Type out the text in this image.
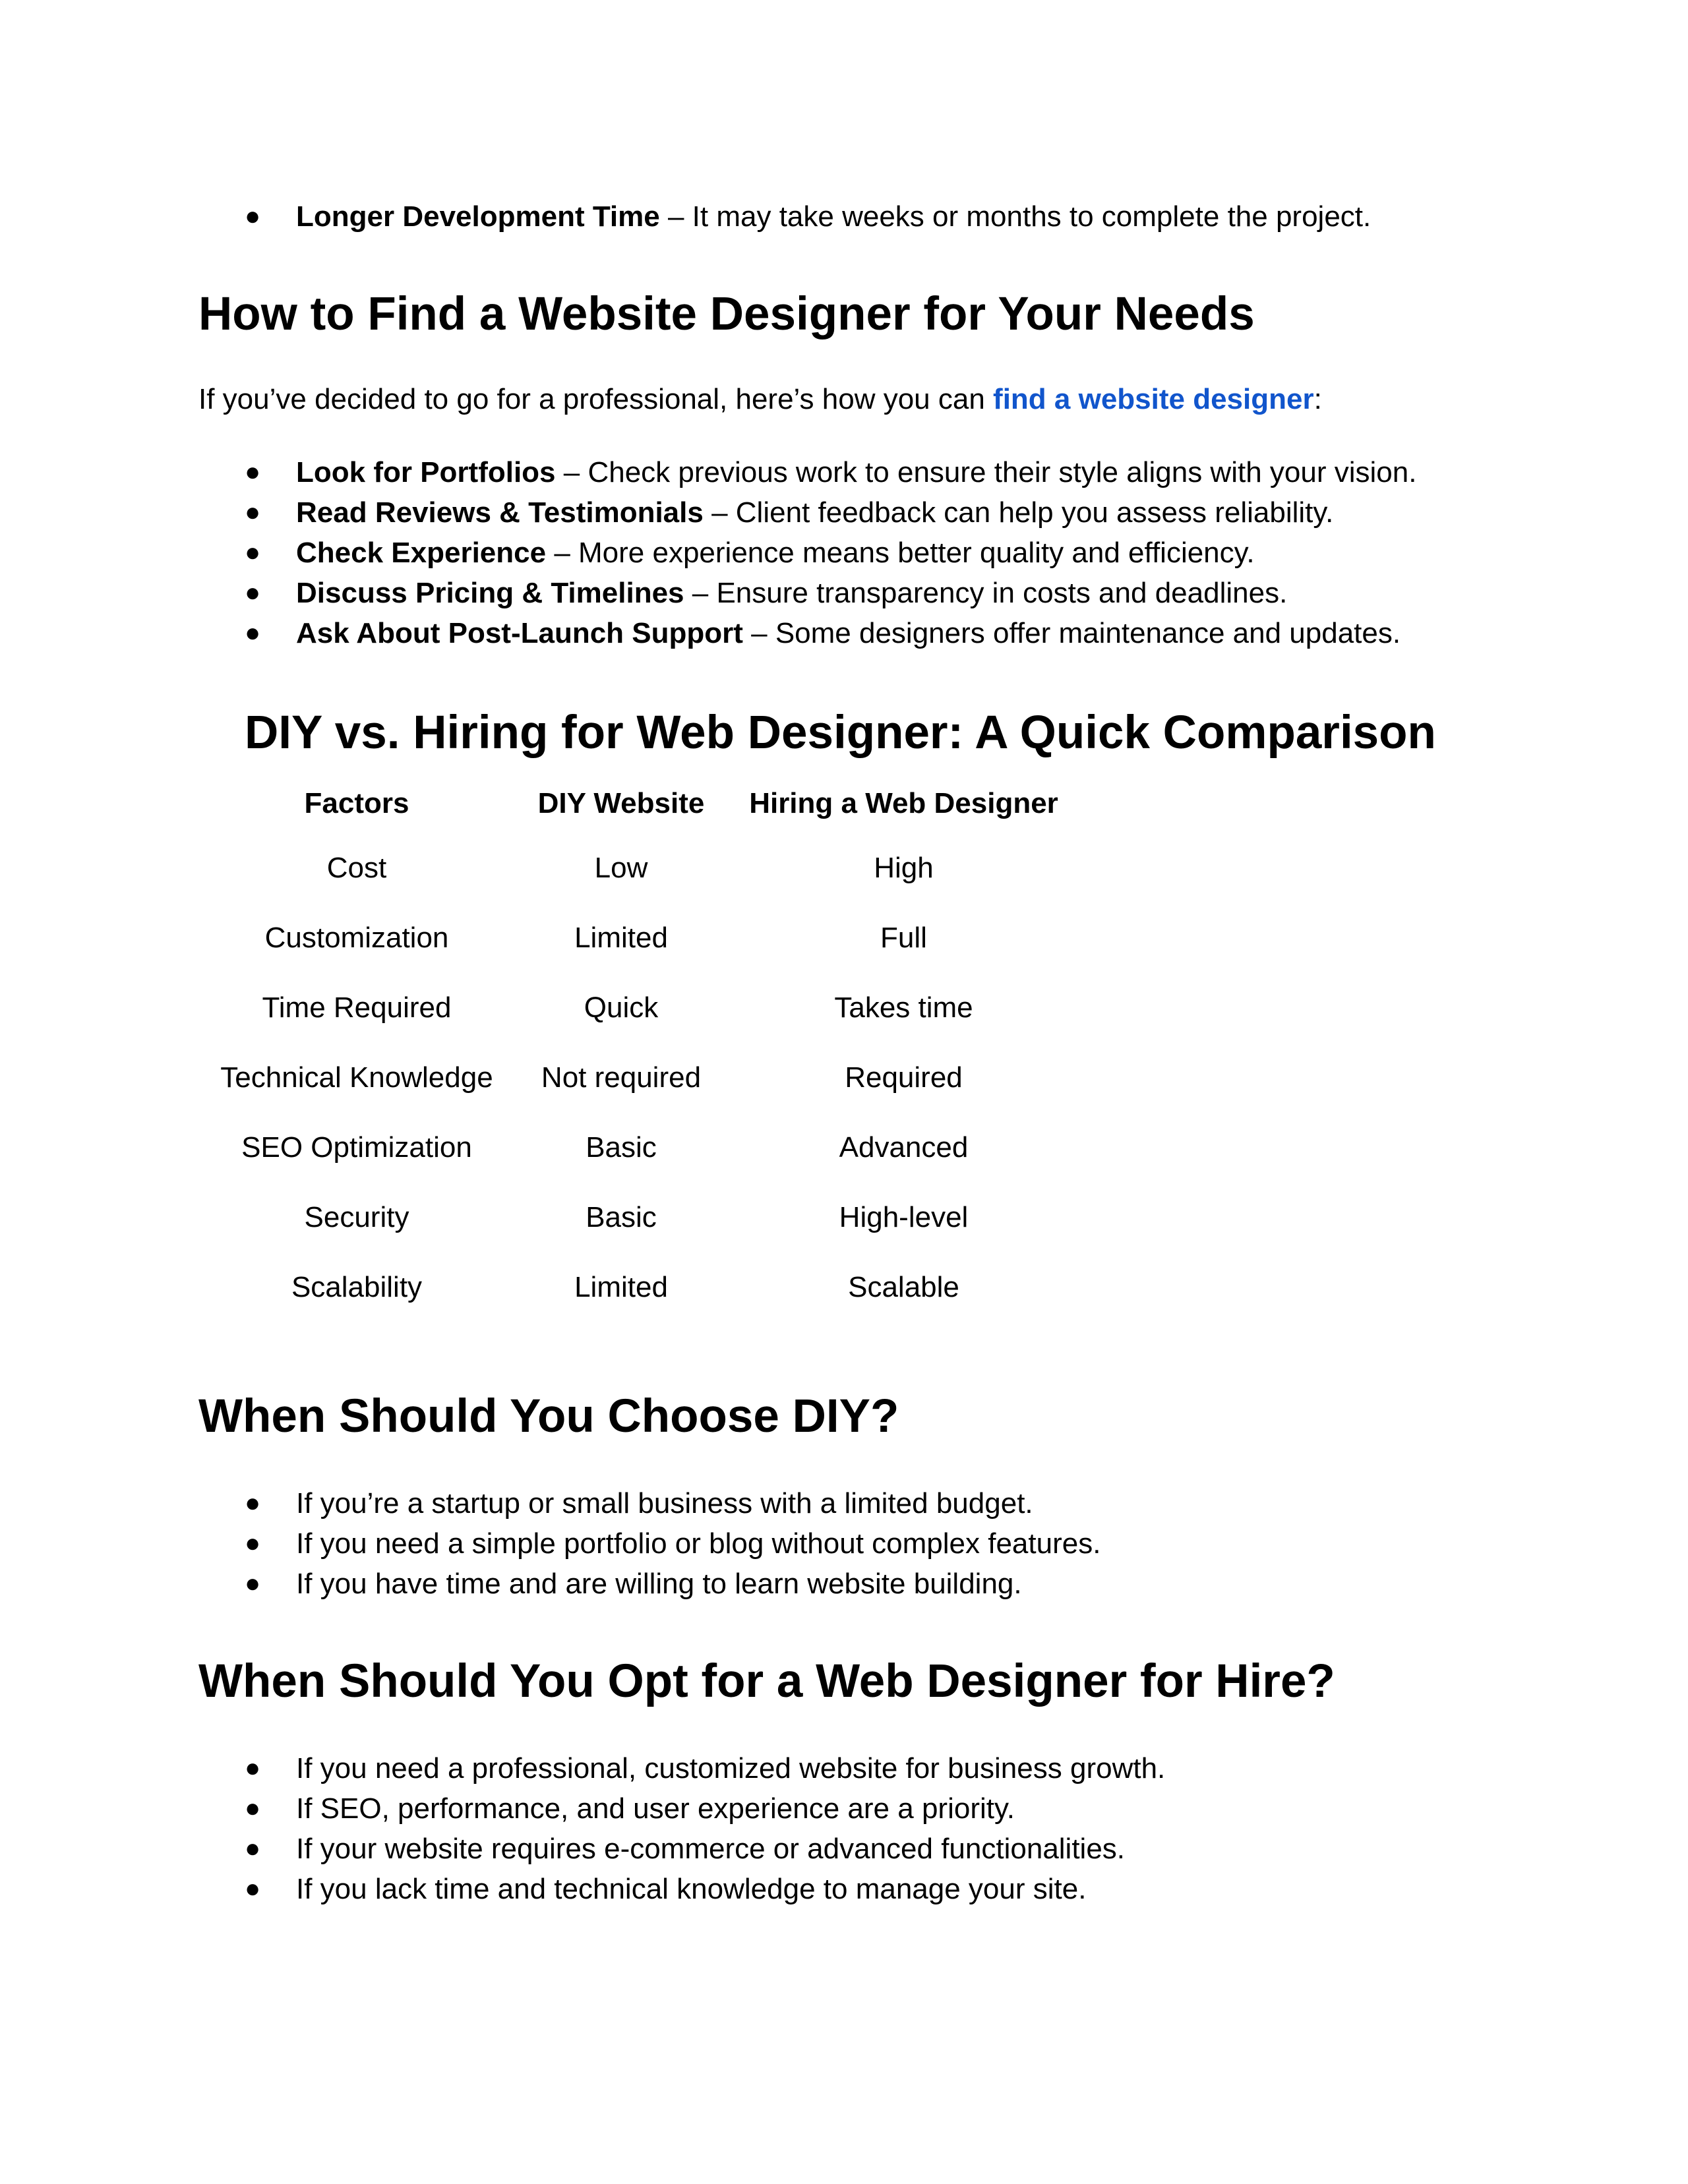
● Longer Development Time – It may take weeks or months to complete the project.
How to Find a Website Designer for Your Needs

If you’ve decided to go for a professional, here’s how you can find a website designer:

● Look for Portfolios – Check previous work to ensure their style aligns with your vision.
● Read Reviews & Testimonials – Client feedback can help you assess reliability.
● Check Experience – More experience means better quality and efficiency.
● Discuss Pricing & Timelines – Ensure transparency in costs and deadlines.
● Ask About Post-Launch Support – Some designers offer maintenance and updates.
DIY vs. Hiring for Web Designer: A Quick Comparison
Factors	DIY Website	Hiring a Web Designer
Cost	Low	High
Customization	Limited	Full
Time Required	Quick	Takes time
Technical Knowledge	Not required	Required
SEO Optimization	Basic	Advanced
Security	Basic	High-level
Scalability	Limited	Scalable
When Should You Choose DIY?
● If you’re a startup or small business with a limited budget.
● If you need a simple portfolio or blog without complex features.
● If you have time and are willing to learn website building.
When Should You Opt for a Web Designer for Hire?
● If you need a professional, customized website for business growth.
● If SEO, performance, and user experience are a priority.
● If your website requires e-commerce or advanced functionalities.
● If you lack time and technical knowledge to manage your site.
